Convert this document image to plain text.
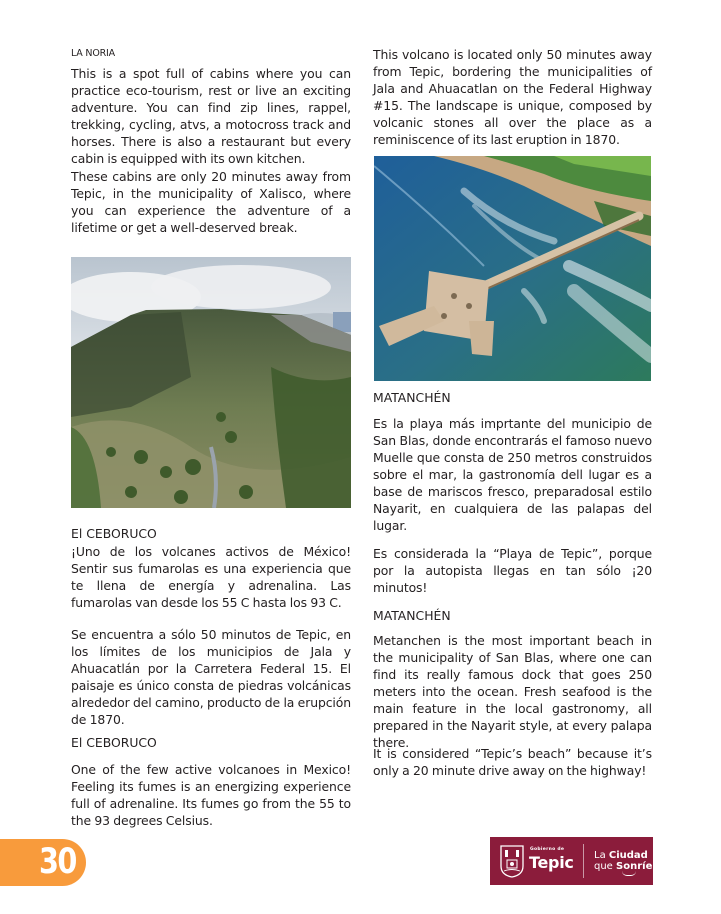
LA NORIA

This is a spot full of cabins where you can practice eco-tourism, rest or live an exciting adventure. You can find zip lines, rappel, trekking, cycling, atvs, a motocross track and horses. There is also a restaurant but every cabin is equipped with its own kitchen.

These cabins are only 20 minutes away from Tepic, in the municipality of Xalisco, where you can experience the adventure of a lifetime or get a well-deserved break.

El CEBORUCO

¡Uno de los volcanes activos de México! Sentir sus fumarolas es una experiencia que te llena de energía y adrenalina. Las fumarolas van desde los 55 C hasta los 93 C.

Se encuentra a sólo 50 minutos de Tepic, en los límites de los municipios de Jala y Ahuacatlán por la Carretera Federal 15. El paisaje es único consta de piedras volcánicas alrededor del camino, producto de la erupción de 1870.

El CEBORUCO

One of the few active volcanoes in Mexico! Feeling its fumes is an energizing experience full of adrenaline. Its fumes go from the 55 to the 93 degrees Celsius.

This volcano is located only 50 minutes away from Tepic, bordering the municipalities of Jala and Ahuacatlan on the Federal Highway #15. The landscape is unique, composed by volcanic stones all over the place as a reminiscence of its last eruption in 1870.

MATANCHÉN

Es la playa más imprtante del municipio de San Blas, donde encontrarás el famoso nuevo Muelle que consta de 250 metros construidos sobre el mar, la gastronomía dell lugar es a base de mariscos fresco, preparadosal estilo Nayarit, en cualquiera de las palapas del lugar.

Es considerada la “Playa de Tepic”, porque por la autopista llegas en tan sólo ¡20 minutos!

MATANCHÉN

Metanchen is the most important beach in the municipality of San Blas, where one can find its really famous dock that goes 250 meters into the ocean. Fresh seafood is the main feature in the local gastronomy, all prepared in the Nayarit style, at every palapa there.

It is considered “Tepic’s beach” because it’s only a 20 minute drive away on the highway!

30	Gobierno de
Tepic La Ciudad
que Sonríe
